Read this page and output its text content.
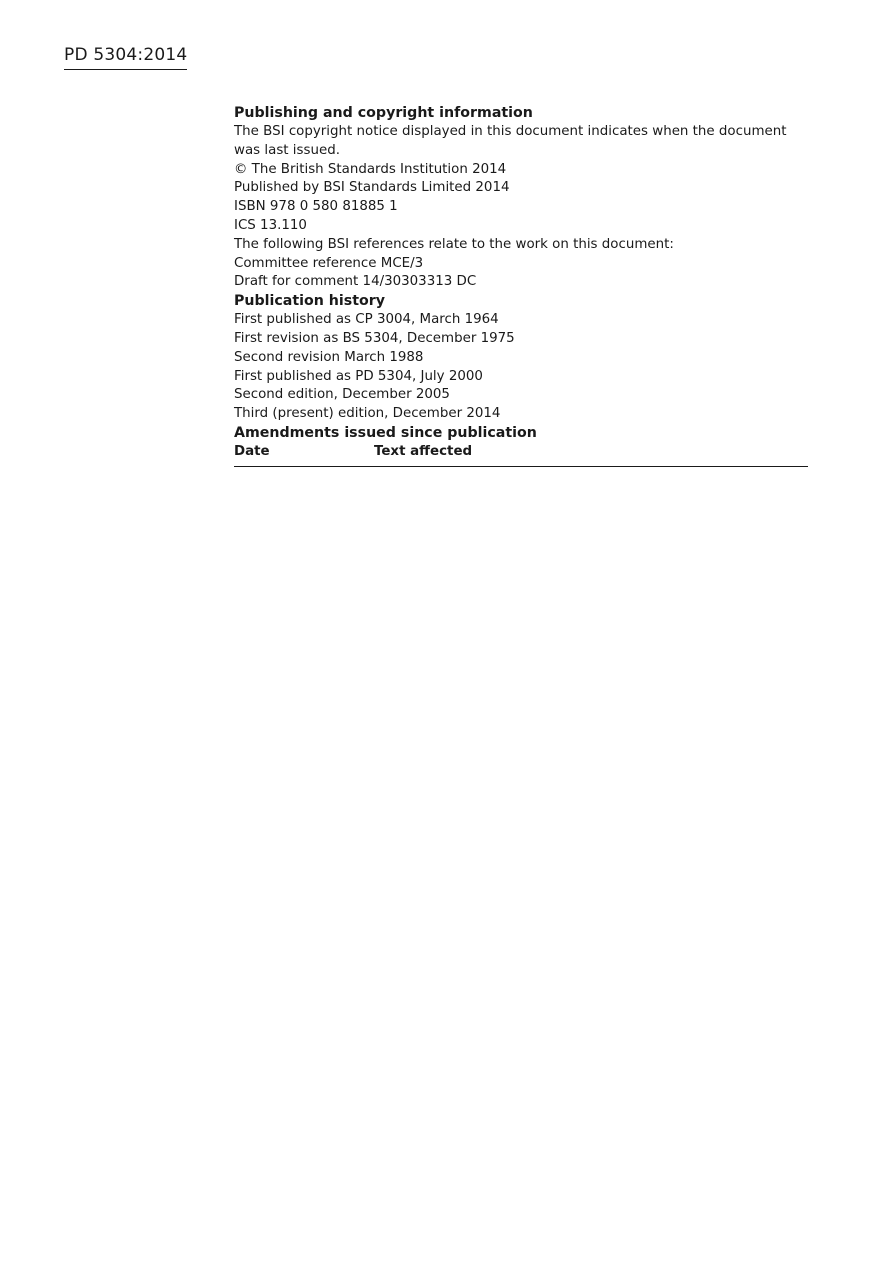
PD 5304:2014

Publishing and copyright information

The BSI copyright notice displayed in this document indicates when the document
was last issued.

© The British Standards Institution 2014
Published by BSI Standards Limited 2014

ISBN 978 0 580 81885 1

ICS 13.110

The following BSI references relate to the work on this document:
Committee reference MCE/3
Draft for comment 14/30303313 DC

Publication history

First published as CP 3004, March 1964
First revision as BS 5304, December 1975
Second revision March 1988
First published as PD 5304, July 2000
Second edition, December 2005
Third (present) edition, December 2014

Amendments issued since publication

Date	Text affected
